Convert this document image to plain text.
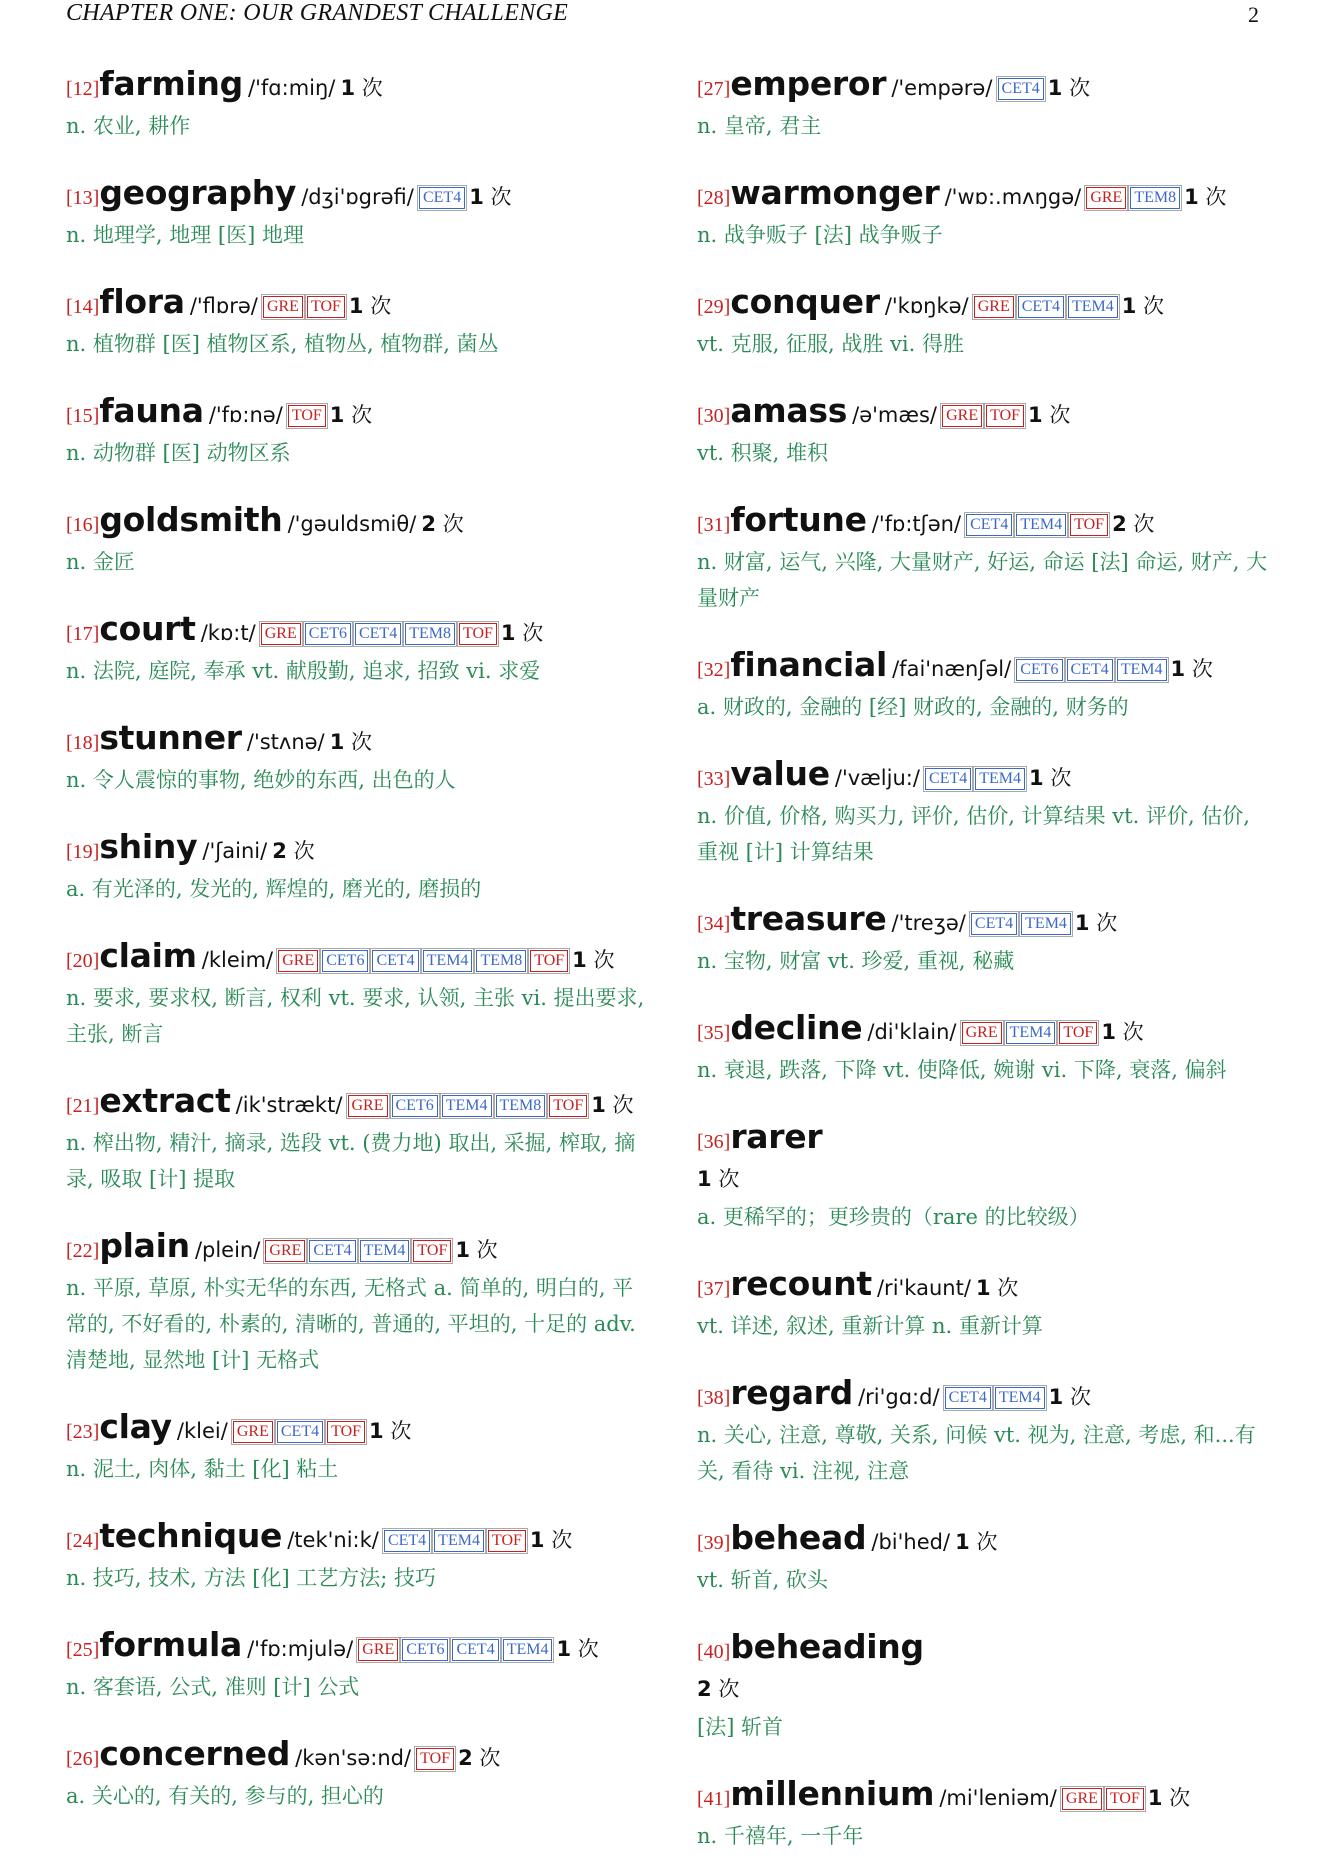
CHAPTER ONE: OUR GRANDEST CHALLENGE	2
[12]farming /'fɑ:miŋ/ 1 次
n. 农业, 耕作
[13]geography /dʒi'ɒgrəfi/ CET4 1 次
n. 地理学, 地理 [医] 地理
[14]flora /'flɒrə/ GRE TOF 1 次
n. 植物群 [医] 植物区系, 植物丛, 植物群, 菌丛
[15]fauna /'fɒ:nə/ TOF 1 次
n. 动物群 [医] 动物区系
[16]goldsmith /'gəuldsmiθ/ 2 次
n. 金匠
[17]court /kɒ:t/ GRE CET6 CET4 TEM8 TOF 1 次
n. 法院, 庭院, 奉承 vt. 献殷勤, 追求, 招致 vi. 求爱
[18]stunner /'stʌnə/ 1 次
n. 令人震惊的事物, 绝妙的东西, 出色的人
[19]shiny /'ʃaini/ 2 次
a. 有光泽的, 发光的, 辉煌的, 磨光的, 磨损的
[20]claim /kleim/ GRE CET6 CET4 TEM4 TEM8 TOF 1 次
n. 要求, 要求权, 断言, 权利 vt. 要求, 认领, 主张 vi. 提出要求, 主张, 断言
[21]extract /ik'strækt/ GRE CET6 TEM4 TEM8 TOF 1 次
n. 榨出物, 精汁, 摘录, 选段 vt. (费力地) 取出, 采掘, 榨取, 摘录, 吸取 [计] 提取
[22]plain /plein/ GRE CET4 TEM4 TOF 1 次
n. 平原, 草原, 朴实无华的东西, 无格式 a. 简单的, 明白的, 平常的, 不好看的, 朴素的, 清晰的, 普通的, 平坦的, 十足的 adv. 清楚地, 显然地 [计] 无格式
[23]clay /klei/ GRE CET4 TOF 1 次
n. 泥土, 肉体, 黏土 [化] 粘土
[24]technique /tek'ni:k/ CET4 TEM4 TOF 1 次
n. 技巧, 技术, 方法 [化] 工艺方法; 技巧
[25]formula /'fɒ:mjulə/ GRE CET6 CET4 TEM4 1 次
n. 客套语, 公式, 准则 [计] 公式
[26]concerned /kən'sə:nd/ TOF 2 次
a. 关心的, 有关的, 参与的, 担心的
[27]emperor /'empərə/ CET4 1 次
n. 皇帝, 君主
[28]warmonger /'wɒ:.mʌŋgə/ GRE TEM8 1 次
n. 战争贩子 [法] 战争贩子
[29]conquer /'kɒŋkə/ GRE CET4 TEM4 1 次
vt. 克服, 征服, 战胜 vi. 得胜
[30]amass /ə'mæs/ GRE TOF 1 次
vt. 积聚, 堆积
[31]fortune /'fɒ:tʃən/ CET4 TEM4 TOF 2 次
n. 财富, 运气, 兴隆, 大量财产, 好运, 命运 [法] 命运, 财产, 大量财产
[32]financial /fai'nænʃəl/ CET6 CET4 TEM4 1 次
a. 财政的, 金融的 [经] 财政的, 金融的, 财务的
[33]value /'vælju:/ CET4 TEM4 1 次
n. 价值, 价格, 购买力, 评价, 估价, 计算结果 vt. 评价, 估价, 重视 [计] 计算结果
[34]treasure /'treʒə/ CET4 TEM4 1 次
n. 宝物, 财富 vt. 珍爱, 重视, 秘藏
[35]decline /di'klain/ GRE TEM4 TOF 1 次
n. 衰退, 跌落, 下降 vt. 使降低, 婉谢 vi. 下降, 衰落, 偏斜
[36]rarer
1 次
a. 更稀罕的；更珍贵的（rare 的比较级）
[37]recount /ri'kaunt/ 1 次
vt. 详述, 叙述, 重新计算 n. 重新计算
[38]regard /ri'gɑ:d/ CET4 TEM4 1 次
n. 关心, 注意, 尊敬, 关系, 问候 vt. 视为, 注意, 考虑, 和...有关, 看待 vi. 注视, 注意
[39]behead /bi'hed/ 1 次
vt. 斩首, 砍头
[40]beheading
2 次
[法] 斩首
[41]millennium /mi'leniəm/ GRE TOF 1 次
n. 千禧年, 一千年
